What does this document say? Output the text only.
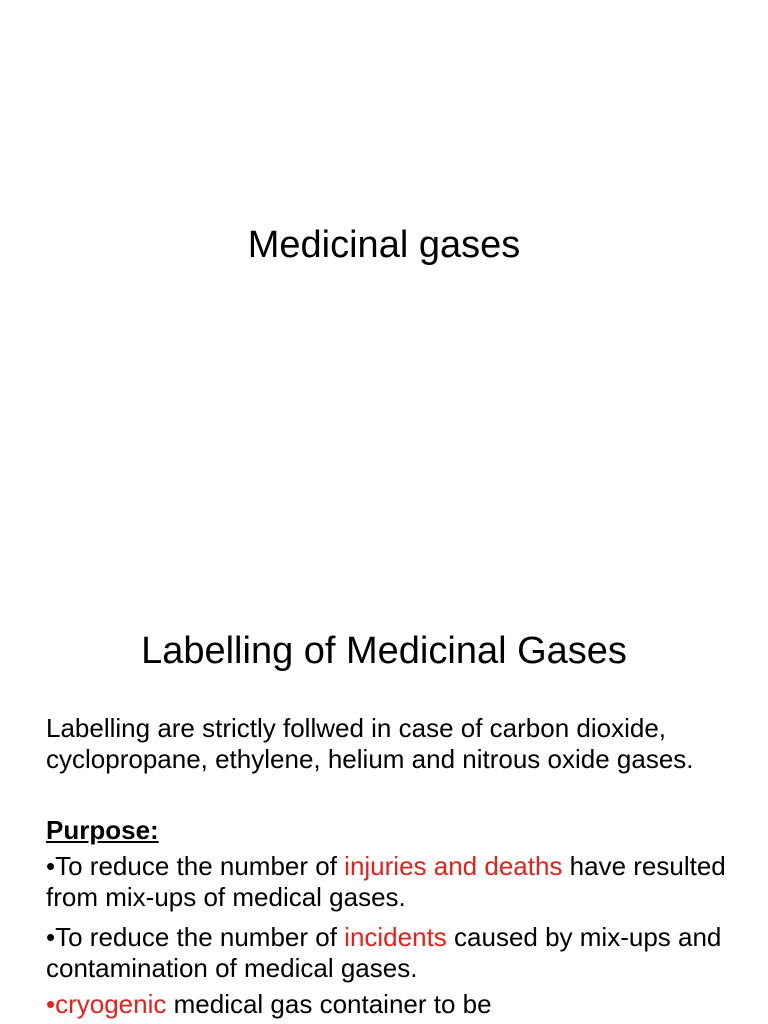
Medicinal gases
Labelling of Medicinal Gases
Labelling are strictly follwed in case of carbon dioxide, cyclopropane, ethylene, helium and nitrous oxide gases.
Purpose:
•To reduce the number of injuries and deaths have resulted from mix-ups of medical gases.
•To reduce the number of incidents caused by mix-ups and contamination of medical gases.
•cryogenic medical gas container to be
